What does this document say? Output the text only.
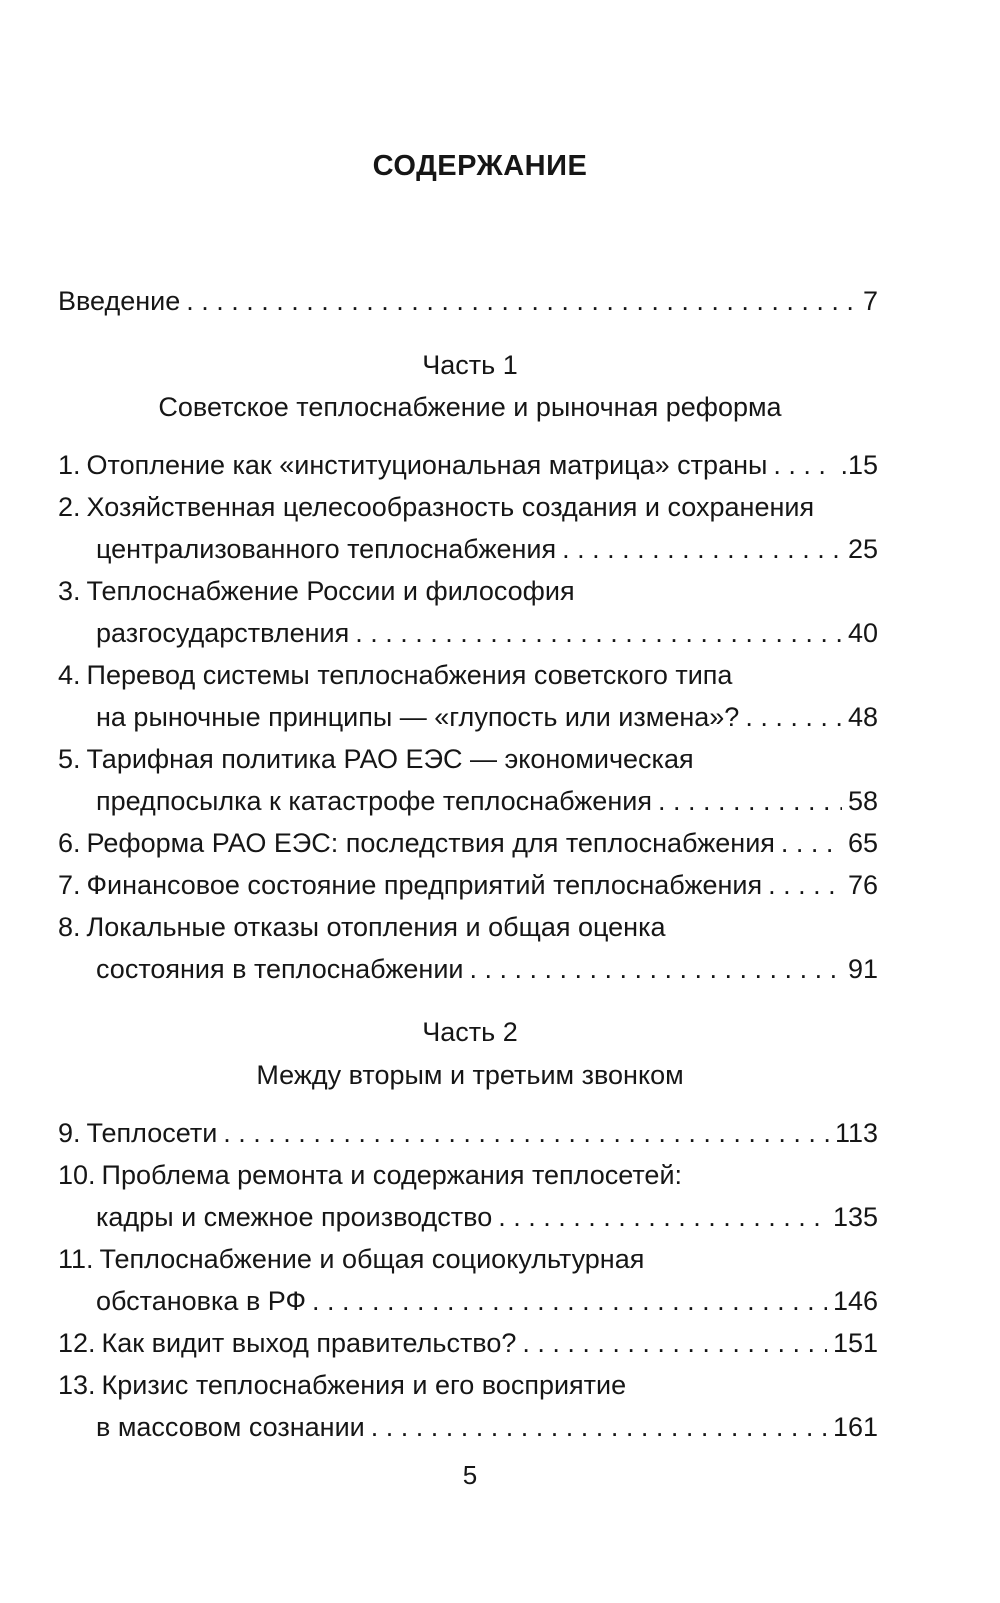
СОДЕРЖАНИЕ
Введение . . .	7
Часть 1
Советское теплоснабжение и рыночная реформа
1. Отопление как «институциональная матрица» страны . . .	.15
2. Хозяйственная целесообразность создания и сохранения
централизованного теплоснабжения . . .	25
3. Теплоснабжение России и философия
разгосударствления . . .	40
4. Перевод системы теплоснабжения советского типа
на рыночные принципы — «глупость или измена»? . . .	48
5. Тарифная политика РАО ЕЭС — экономическая
предпосылка к катастрофе теплоснабжения . . .	58
6. Реформа РАО ЕЭС: последствия для теплоснабжения . . .	65
7. Финансовое состояние предприятий теплоснабжения . . .	76
8. Локальные отказы отопления и общая оценка
состояния в теплоснабжении . . .	91
Часть 2
Между вторым и третьим звонком
9. Теплосети . . .	113
10. Проблема ремонта и содержания теплосетей:
кадры и смежное производство . . .	135
11. Теплоснабжение и общая социокультурная
обстановка в РФ . . .	146
12. Как видит выход правительство? . . .	151
13. Кризис теплоснабжения и его восприятие
в массовом сознании . . .	161
5
